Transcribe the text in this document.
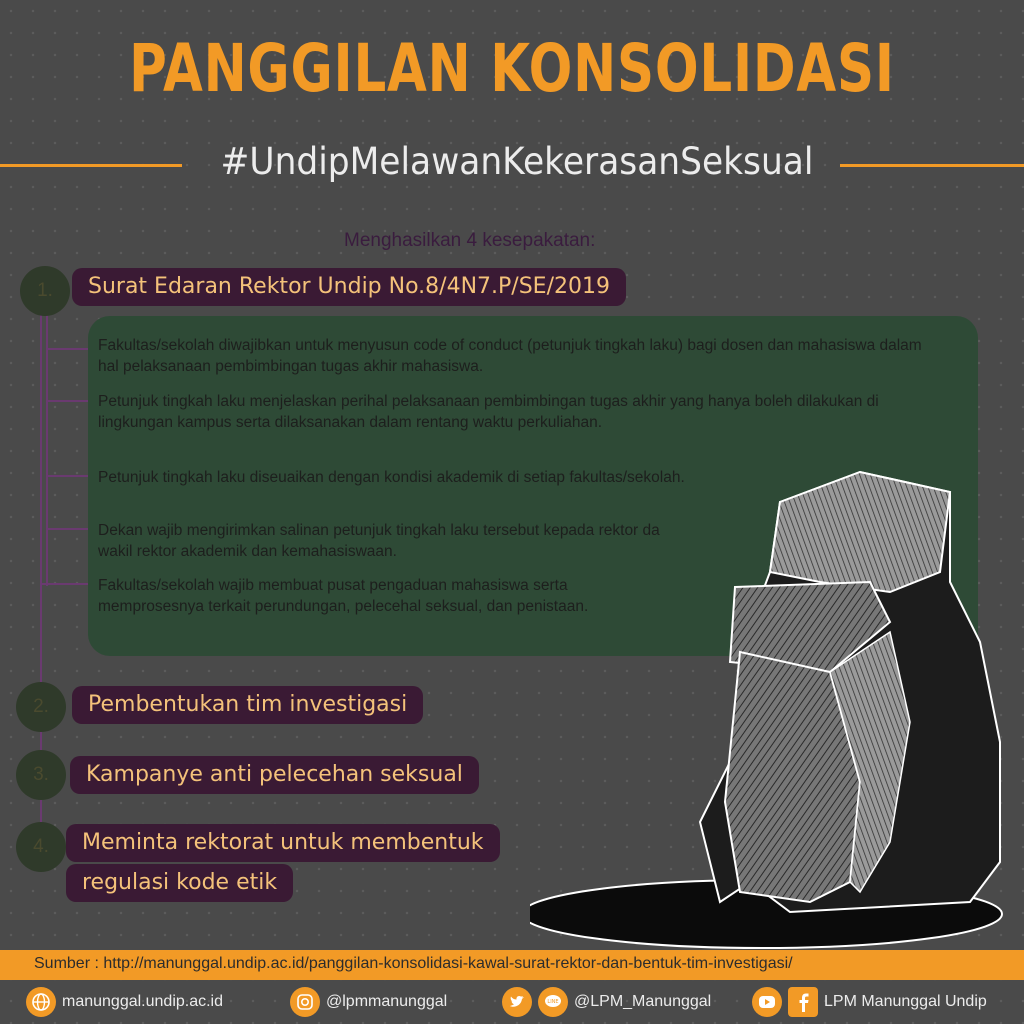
PANGGILAN KONSOLIDASI
#UndipMelawanKekerasanSeksual
Menghasilkan 4 kesepakatan:
1.	Surat Edaran Rektor Undip No.8/4N7.P/SE/2019
Fakultas/sekolah diwajibkan untuk menyusun code of conduct (petunjuk tingkah laku) bagi dosen dan mahasiswa dalam hal pelaksanaan pembimbingan tugas akhir mahasiswa.
Petunjuk tingkah laku menjelaskan perihal pelaksanaan pembimbingan tugas akhir yang hanya boleh dilakukan di lingkungan kampus serta dilaksanakan dalam rentang waktu perkuliahan.
Petunjuk tingkah laku diseuaikan dengan kondisi akademik di setiap fakultas/sekolah.
Dekan wajib mengirimkan salinan petunjuk tingkah laku tersebut kepada rektor da wakil rektor akademik dan kemahasiswaan.
Fakultas/sekolah wajib membuat pusat pengaduan mahasiswa serta memprosesnya terkait perundungan, pelecehal seksual, dan penistaan.
2.	Pembentukan tim investigasi
3.	Kampanye anti pelecehan seksual
4.	Meminta rektorat untuk membentuk
regulasi kode etik
Sumber : http://manunggal.undip.ac.id/panggilan-konsolidasi-kawal-surat-rektor-dan-bentuk-tim-investigasi/
manunggal.undip.ac.id	@lpmmanunggal	LINE @LPM_Manunggal	LPM Manunggal Undip
